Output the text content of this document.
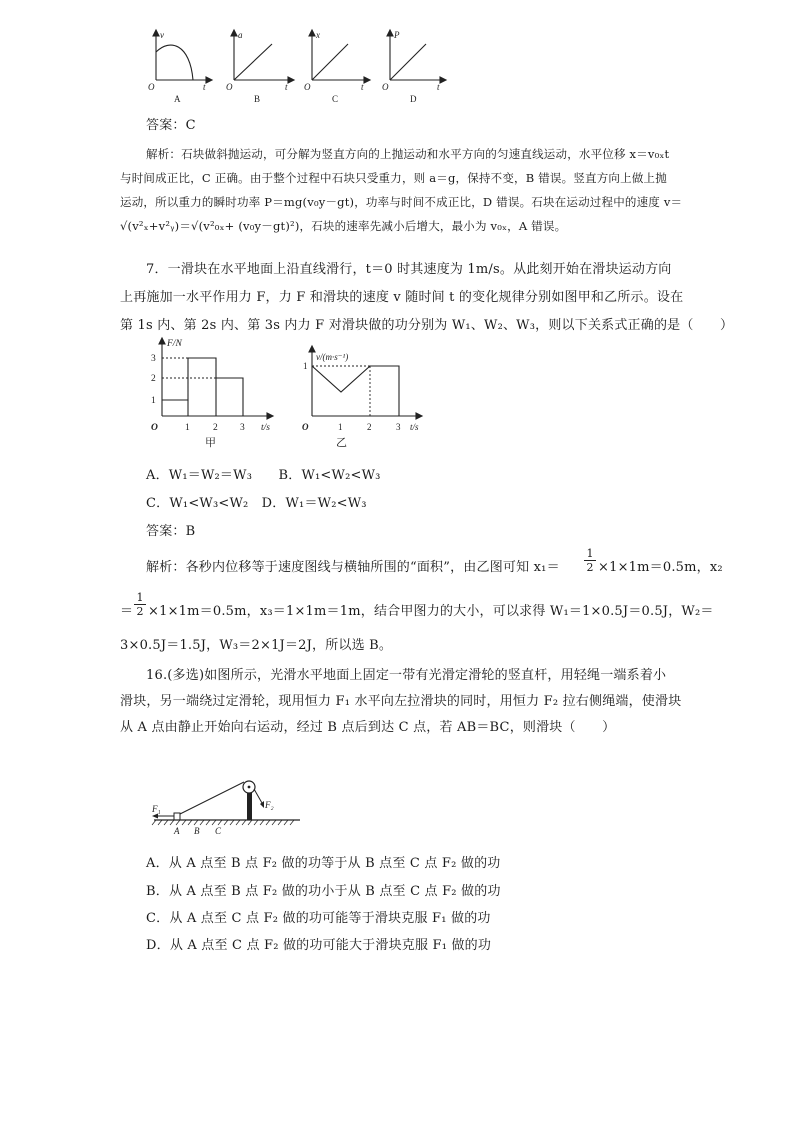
v
O	t
a
O	t
x
O	t
P
O	t
A	B	C	D
答案：C
解析：石块做斜抛运动，可分解为竖直方向的上抛运动和水平方向的匀速直线运动，水平位移 x＝v₀ₓt
与时间成正比，C 正确。由于整个过程中石块只受重力，则 a＝g，保持不变，B 错误。竖直方向上做上抛
运动，所以重力的瞬时功率 P＝mg(v₀y－gt)，功率与时间不成正比，D 错误。石块在运动过程中的速度 v＝
√(v²ₓ+v²ᵧ)＝√(v²₀ₓ+ (v₀y－gt)²)，石块的速率先减小后增大，最小为 v₀ₓ，A 错误。
7．一滑块在水平地面上沿直线滑行，t＝0 时其速度为 1m/s。从此刻开始在滑块运动方向
上再施加一水平作用力 F，力 F 和滑块的速度 v 随时间 t 的变化规律分别如图甲和乙所示。设在
第 1s 内、第 2s 内、第 3s 内力 F 对滑块做的功分别为 W₁、W₂、W₃，则以下关系式正确的是（　　）
F/N
3
2
1
O	1 2 3 t/s
甲
v/(m·s⁻¹)
1
O	1	2	3 t/s
乙
A．W₁＝W₂＝W₃　　B．W₁<W₂<W₃
C．W₁<W₃<W₂　D．W₁＝W₂<W₃
答案：B
解析：各秒内位移等于速度图线与横轴所围的“面积”，由乙图可知 $x_1= \frac{1}{2} \times 1\times 1m=0.5m$，x₂
＝ $\frac{1}{2} \times 1\times 1m=0.5m$，x₃＝1×1m＝1m，结合甲图力的大小，可以求得 W₁＝1×0.5J＝0.5J，W₂＝
3×0.5J＝1.5J，W₃＝2×1J＝2J，所以选 B。
16.(多选)如图所示，光滑水平地面上固定一带有光滑定滑轮的竖直杆，用轻绳一端系着小
滑块，另一端绕过定滑轮，现用恒力 F₁ 水平向左拉滑块的同时，用恒力 F₂ 拉右侧绳端，使滑块
从 A 点由静止开始向右运动，经过 B 点后到达 C 点，若 AB＝BC，则滑块（　　）
F₁	F₂
A B C
A．从 A 点至 B 点 F₂ 做的功等于从 B 点至 C 点 F₂ 做的功
B．从 A 点至 B 点 F₂ 做的功小于从 B 点至 C 点 F₂ 做的功
C．从 A 点至 C 点 F₂ 做的功可能等于滑块克服 F₁ 做的功
D．从 A 点至 C 点 F₂ 做的功可能大于滑块克服 F₁ 做的功
